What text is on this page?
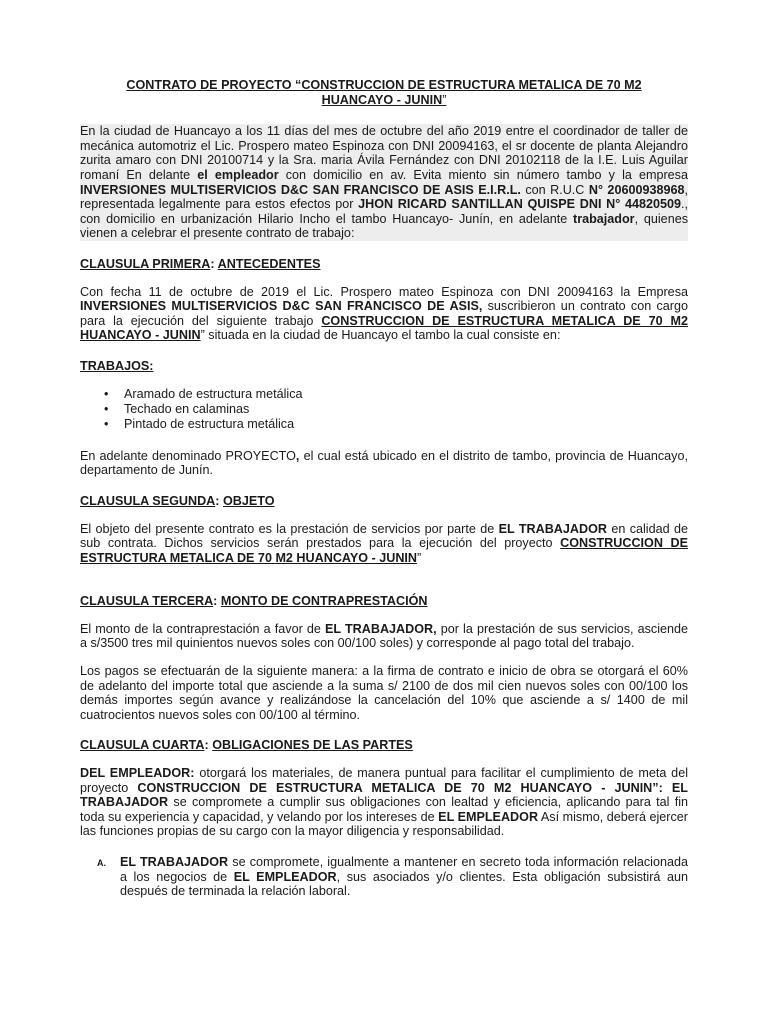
CONTRATO DE PROYECTO “CONSTRUCCION DE ESTRUCTURA METALICA DE 70 M2
HUANCAYO - JUNIN”

En la ciudad de Huancayo a los 11 días del mes de octubre del año 2019 entre el coordinador de taller de mecánica automotriz el Lic. Prospero mateo Espinoza con DNI 20094163, el sr docente de planta Alejandro zurita amaro con DNI 20100714 y la Sra. maria Ávila Fernández con DNI 20102118 de la I.E. Luis Aguilar romaní En delante el empleador con domicilio en av. Evita miento sin número tambo y la empresa INVERSIONES MULTISERVICIOS D&C SAN FRANCISCO DE ASIS E.I.R.L. con R.U.C N° 20600938968, representada legalmente para estos efectos por JHON RICARD SANTILLAN QUISPE DNI N° 44820509., con domicilio en urbanización Hilario Incho el tambo Huancayo- Junín, en adelante trabajador, quienes vienen a celebrar el presente contrato de trabajo:

CLAUSULA PRIMERA: ANTECEDENTES

Con fecha 11 de octubre de 2019 el Lic. Prospero mateo Espinoza con DNI 20094163 la Empresa INVERSIONES MULTISERVICIOS D&C SAN FRANCISCO DE ASIS, suscribieron un contrato con cargo para la ejecución del siguiente trabajo CONSTRUCCION DE ESTRUCTURA METALICA DE 70 M2 HUANCAYO - JUNIN” situada en la ciudad de Huancayo el tambo la cual consiste en:

TRABAJOS:

• Aramado de estructura metálica
• Techado en calaminas
• Pintado de estructura metálica

En adelante denominado PROYECTO, el cual está ubicado en el distrito de tambo, provincia de Huancayo, departamento de Junín.

CLAUSULA SEGUNDA: OBJETO

El objeto del presente contrato es la prestación de servicios por parte de EL TRABAJADOR en calidad de sub contrata. Dichos servicios serán prestados para la ejecución del proyecto CONSTRUCCION DE ESTRUCTURA METALICA DE 70 M2 HUANCAYO - JUNIN”

CLAUSULA TERCERA: MONTO DE CONTRAPRESTACIÓN

El monto de la contraprestación a favor de EL TRABAJADOR, por la prestación de sus servicios, asciende a s/3500 tres mil quinientos nuevos soles con 00/100 soles) y corresponde al pago total del trabajo.

Los pagos se efectuarán de la siguiente manera: a la firma de contrato e inicio de obra se otorgará el 60% de adelanto del importe total que asciende a la suma s/ 2100 de dos mil cien nuevos soles con 00/100 los demás importes según avance y realizándose la cancelación del 10% que asciende a s/ 1400 de mil cuatrocientos nuevos soles con 00/100 al término.

CLAUSULA CUARTA: OBLIGACIONES DE LAS PARTES

DEL EMPLEADOR: otorgará los materiales, de manera puntual para facilitar el cumplimiento de meta del proyecto CONSTRUCCION DE ESTRUCTURA METALICA DE 70 M2 HUANCAYO - JUNIN”: EL TRABAJADOR se compromete a cumplir sus obligaciones con lealtad y eficiencia, aplicando para tal fin toda su experiencia y capacidad, y velando por los intereses de EL EMPLEADOR Así mismo, deberá ejercer las funciones propias de su cargo con la mayor diligencia y responsabilidad.

A. EL TRABAJADOR se compromete, igualmente a mantener en secreto toda información relacionada a los negocios de EL EMPLEADOR, sus asociados y/o clientes. Esta obligación subsistirá aun después de terminada la relación laboral.
